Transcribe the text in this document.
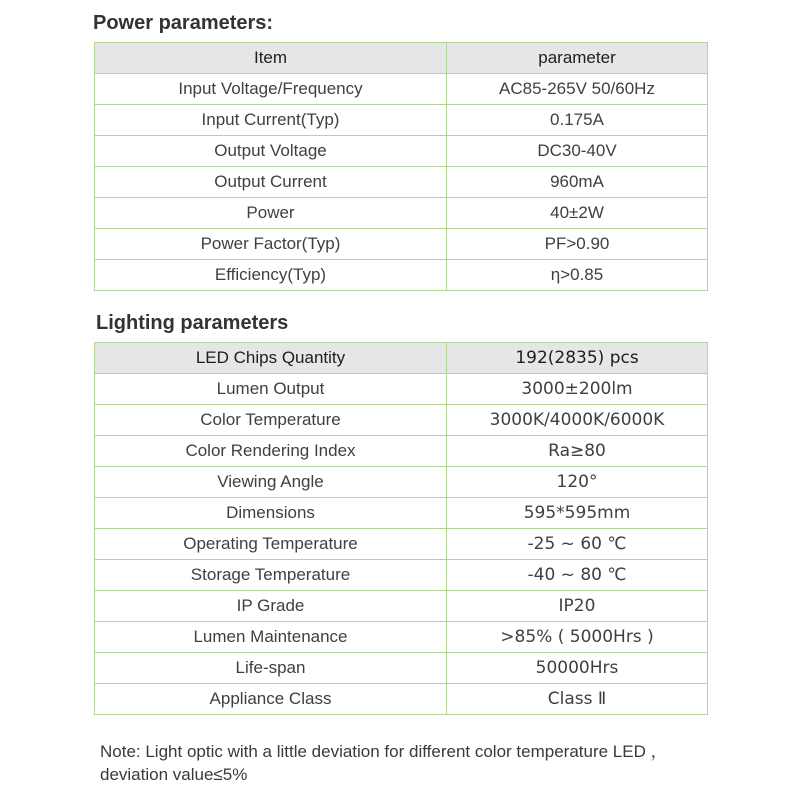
Power parameters:
Item	parameter
Input Voltage/Frequency	AC85-265V 50/60Hz
Input Current(Typ)	0.175A
Output Voltage	DC30-40V
Output Current	960mA
Power	40±2W
Power Factor(Typ)	PF>0.90
Efficiency(Typ)	η>0.85
Lighting parameters
LED Chips Quantity	192(2835) pcs
Lumen Output	3000±200lm
Color Temperature	3000K/4000K/6000K
Color Rendering Index	Ra≥80
Viewing Angle	120°
Dimensions	595*595mm
Operating Temperature	-25 ~ 60 ℃
Storage Temperature	-40 ~ 80 ℃
IP Grade	IP20
Lumen Maintenance	>85% ( 5000Hrs )
Life-span	50000Hrs
Appliance Class	Class Ⅱ

Note: Light optic with a little deviation for different color temperature LED ，
deviation value≤5%
